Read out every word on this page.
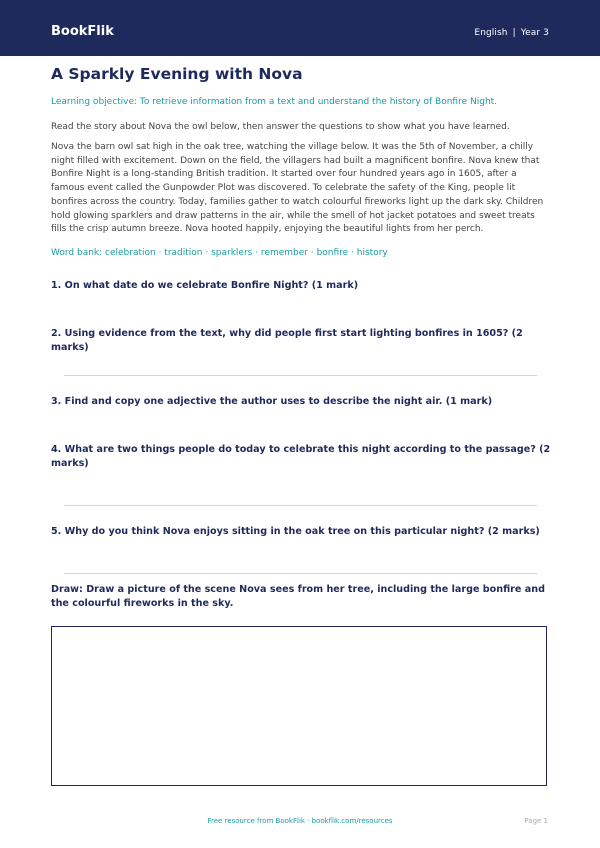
BookFlik	English | Year 3
A Sparkly Evening with Nova

Learning objective: To retrieve information from a text and understand the history of Bonfire Night.

Read the story about Nova the owl below, then answer the questions to show what you have learned.

Nova the barn owl sat high in the oak tree, watching the village below. It was the 5th of November, a chilly night filled with excitement. Down on the field, the villagers had built a magnificent bonfire. Nova knew that Bonfire Night is a long-standing British tradition. It started over four hundred years ago in 1605, after a famous event called the Gunpowder Plot was discovered. To celebrate the safety of the King, people lit bonfires across the country. Today, families gather to watch colourful fireworks light up the dark sky. Children hold glowing sparklers and draw patterns in the air, while the smell of hot jacket potatoes and sweet treats fills the crisp autumn breeze. Nova hooted happily, enjoying the beautiful lights from her perch.

Word bank: celebration · tradition · sparklers · remember · bonfire · history

1. On what date do we celebrate Bonfire Night? (1 mark)

2. Using evidence from the text, why did people first start lighting bonfires in 1605? (2 marks)

3. Find and copy one adjective the author uses to describe the night air. (1 mark)

4. What are two things people do today to celebrate this night according to the passage? (2 marks)

5. Why do you think Nova enjoys sitting in the oak tree on this particular night? (2 marks)

Draw: Draw a picture of the scene Nova sees from her tree, including the large bonfire and the colourful fireworks in the sky.

Free resource from BookFlik · bookflik.com/resources	Page 1
